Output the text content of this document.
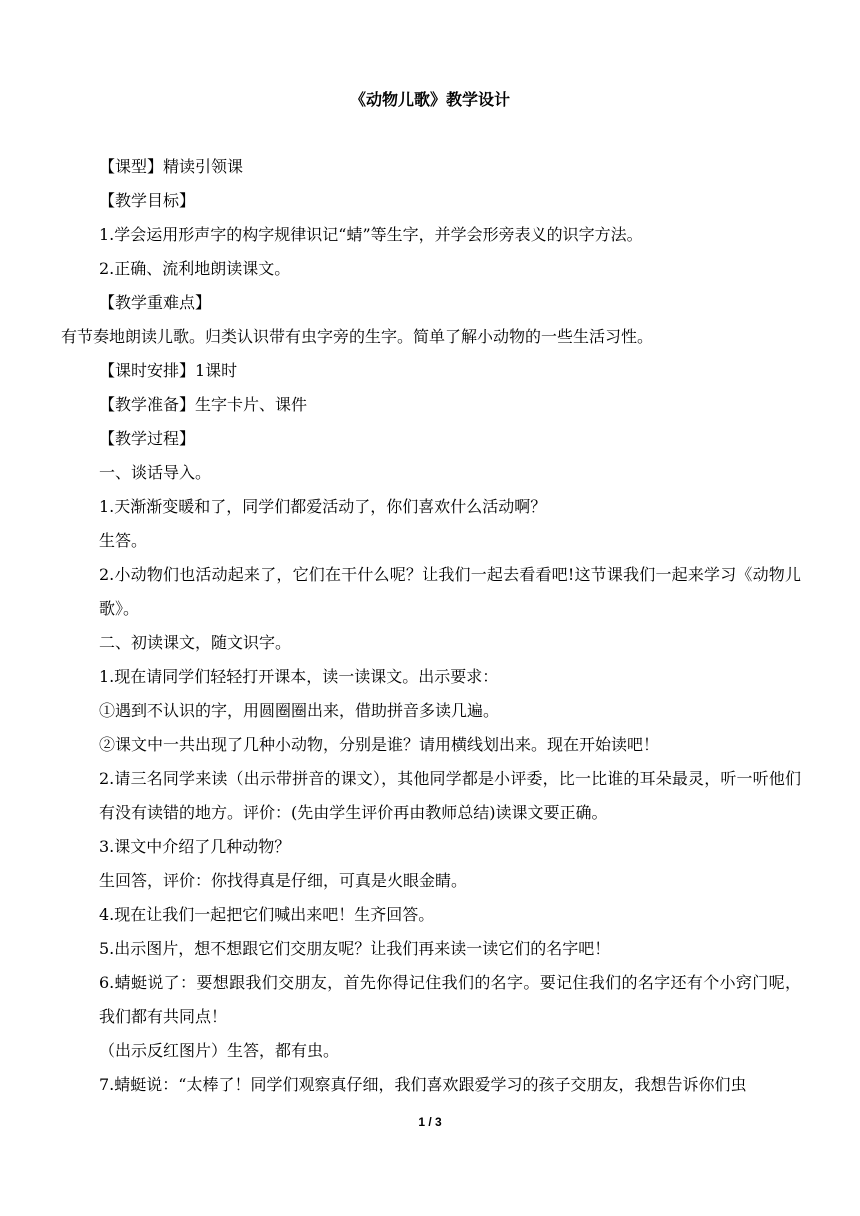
《动物儿歌》教学设计

【课型】精读引领课

【教学目标】

1.学会运用形声字的构字规律识记“蜻”等生字，并学会形旁表义的识字方法。

2.正确、流利地朗读课文。

【教学重难点】

有节奏地朗读儿歌。归类认识带有虫字旁的生字。简单了解小动物的一些生活习性。

【课时安排】1课时

【教学准备】生字卡片、课件

【教学过程】

一、谈话导入。

1.天渐渐变暖和了，同学们都爱活动了，你们喜欢什么活动啊？

生答。

2.小动物们也活动起来了，它们在干什么呢？让我们一起去看看吧!这节课我们一起来学习《动物儿歌》。

二、初读课文，随文识字。

1.现在请同学们轻轻打开课本，读一读课文。出示要求：

①遇到不认识的字，用圆圈圈出来，借助拼音多读几遍。

②课文中一共出现了几种小动物，分别是谁？请用横线划出来。现在开始读吧！

2.请三名同学来读（出示带拼音的课文），其他同学都是小评委，比一比谁的耳朵最灵，听一听他们有没有读错的地方。评价：(先由学生评价再由教师总结)读课文要正确。

3.课文中介绍了几种动物？

生回答，评价：你找得真是仔细，可真是火眼金睛。

4.现在让我们一起把它们喊出来吧！生齐回答。

5.出示图片，想不想跟它们交朋友呢？让我们再来读一读它们的名字吧！

6.蜻蜓说了：要想跟我们交朋友，首先你得记住我们的名字。要记住我们的名字还有个小窍门呢，我们都有共同点！

（出示反红图片）生答，都有虫。

7.蜻蜓说：“太棒了！同学们观察真仔细，我们喜欢跟爱学习的孩子交朋友，我想告诉你们虫

1 / 3
